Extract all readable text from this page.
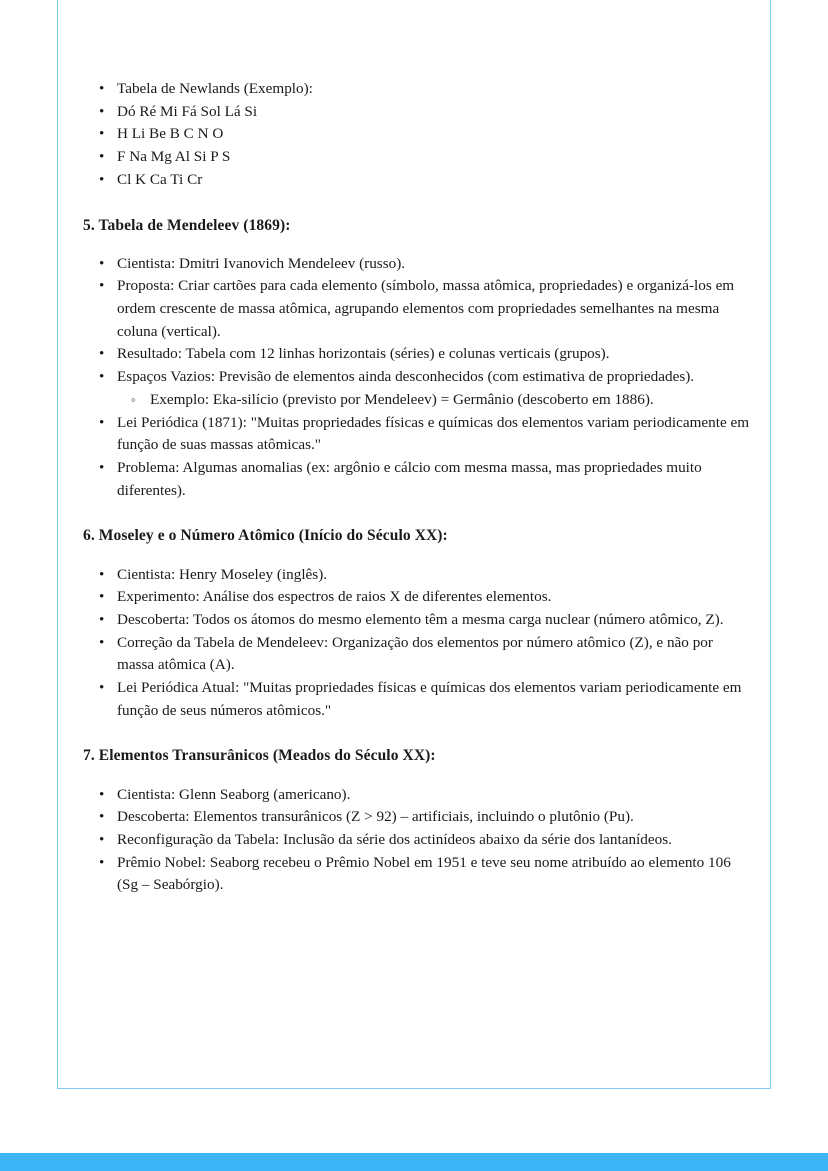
• Tabela de Newlands (Exemplo):
• Dó Ré Mi Fá Sol Lá Si
• H Li Be B C N O
• F Na Mg Al Si P S
• Cl K Ca Ti Cr
5. Tabela de Mendeleev (1869):
• Cientista: Dmitri Ivanovich Mendeleev (russo).
• Proposta: Criar cartões para cada elemento (símbolo, massa atômica, propriedades) e organizá-los em ordem crescente de massa atômica, agrupando elementos com propriedades semelhantes na mesma coluna (vertical).
• Resultado: Tabela com 12 linhas horizontais (séries) e colunas verticais (grupos).
• Espaços Vazios: Previsão de elementos ainda desconhecidos (com estimativa de propriedades).
◦ Exemplo: Eka-silício (previsto por Mendeleev) = Germânio (descoberto em 1886).
• Lei Periódica (1871): "Muitas propriedades físicas e químicas dos elementos variam periodicamente em função de suas massas atômicas."
• Problema: Algumas anomalias (ex: argônio e cálcio com mesma massa, mas propriedades muito diferentes).
6. Moseley e o Número Atômico (Início do Século XX):
• Cientista: Henry Moseley (inglês).
• Experimento: Análise dos espectros de raios X de diferentes elementos.
• Descoberta: Todos os átomos do mesmo elemento têm a mesma carga nuclear (número atômico, Z).
• Correção da Tabela de Mendeleev: Organização dos elementos por número atômico (Z), e não por massa atômica (A).
• Lei Periódica Atual: "Muitas propriedades físicas e químicas dos elementos variam periodicamente em função de seus números atômicos."
7. Elementos Transurânicos (Meados do Século XX):
• Cientista: Glenn Seaborg (americano).
• Descoberta: Elementos transurânicos (Z > 92) – artificiais, incluindo o plutônio (Pu).
• Reconfiguração da Tabela: Inclusão da série dos actinídeos abaixo da série dos lantanídeos.
• Prêmio Nobel: Seaborg recebeu o Prêmio Nobel em 1951 e teve seu nome atribuído ao elemento 106 (Sg – Seabórgio).
